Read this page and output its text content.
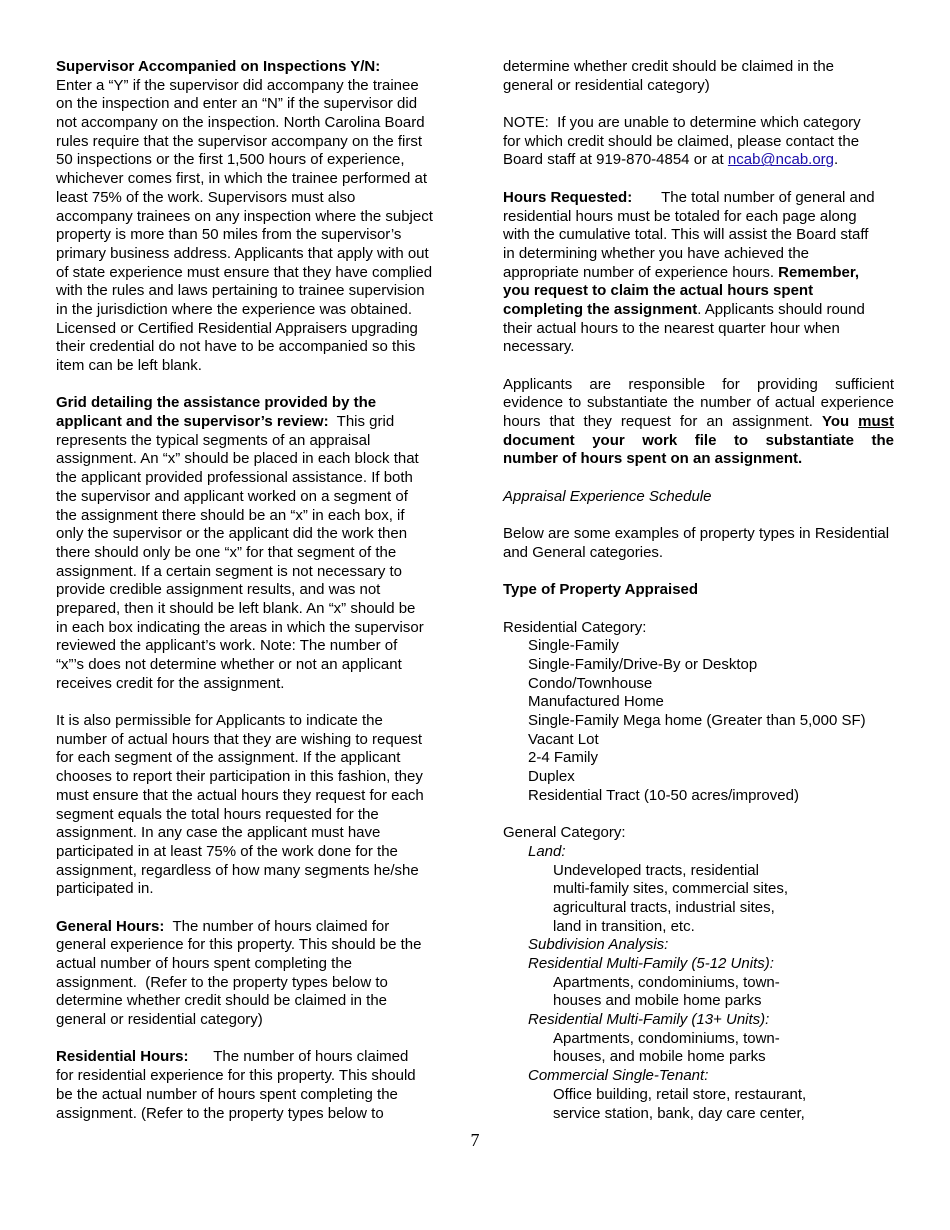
Supervisor Accompanied on Inspections Y/N:
Enter a “Y” if the supervisor did accompany the trainee
on the inspection and enter an “N” if the supervisor did
not accompany on the inspection. North Carolina Board
rules require that the supervisor accompany on the first
50 inspections or the first 1,500 hours of experience,
whichever comes first, in which the trainee performed at
least 75% of the work. Supervisors must also
accompany trainees on any inspection where the subject
property is more than 50 miles from the supervisor’s
primary business address. Applicants that apply with out
of state experience must ensure that they have complied
with the rules and laws pertaining to trainee supervision
in the jurisdiction where the experience was obtained.
Licensed or Certified Residential Appraisers upgrading
their credential do not have to be accompanied so this
item can be left blank.
Grid detailing the assistance provided by the
applicant and the supervisor’s review:  This grid
represents the typical segments of an appraisal
assignment. An “x” should be placed in each block that
the applicant provided professional assistance. If both
the supervisor and applicant worked on a segment of
the assignment there should be an “x” in each box, if
only the supervisor or the applicant did the work then
there should only be one “x” for that segment of the
assignment. If a certain segment is not necessary to
provide credible assignment results, and was not
prepared, then it should be left blank. An “x” should be
in each box indicating the areas in which the supervisor
reviewed the applicant’s work. Note: The number of
“x”’s does not determine whether or not an applicant
receives credit for the assignment.
It is also permissible for Applicants to indicate the
number of actual hours that they are wishing to request
for each segment of the assignment. If the applicant
chooses to report their participation in this fashion, they
must ensure that the actual hours they request for each
segment equals the total hours requested for the
assignment. In any case the applicant must have
participated in at least 75% of the work done for the
assignment, regardless of how many segments he/she
participated in.
General Hours:  The number of hours claimed for
general experience for this property. This should be the
actual number of hours spent completing the
assignment.  (Refer to the property types below to
determine whether credit should be claimed in the
general or residential category)
Residential Hours:      The number of hours claimed
for residential experience for this property. This should
be the actual number of hours spent completing the
assignment. (Refer to the property types below to
determine whether credit should be claimed in the
general or residential category)
NOTE:  If you are unable to determine which category
for which credit should be claimed, please contact the
Board staff at 919-870-4854 or at ncab@ncab.org.
Hours Requested:       The total number of general and
residential hours must be totaled for each page along
with the cumulative total. This will assist the Board staff
in determining whether you have achieved the
appropriate number of experience hours. Remember,
you request to claim the actual hours spent
completing the assignment. Applicants should round
their actual hours to the nearest quarter hour when
necessary.
Applicants are responsible for providing sufficient
evidence to substantiate the number of actual experience
hours that they request for an assignment. You must
document your work file to substantiate the
number of hours spent on an assignment.
Appraisal Experience Schedule
Below are some examples of property types in Residential
and General categories.
Type of Property Appraised
Residential Category:
Single-Family
Single-Family/Drive-By or Desktop
Condo/Townhouse
Manufactured Home
Single-Family Mega home (Greater than 5,000 SF)
Vacant Lot
2-4 Family
Duplex
Residential Tract (10-50 acres/improved)
General Category:
Land:
Undeveloped tracts, residential
multi-family sites, commercial sites,
agricultural tracts, industrial sites,
land in transition, etc.
Subdivision Analysis:
Residential Multi-Family (5-12 Units):
Apartments, condominiums, town-
houses and mobile home parks
Residential Multi-Family (13+ Units):
Apartments, condominiums, town-
houses, and mobile home parks
Commercial Single-Tenant:
Office building, retail store, restaurant,
service station, bank, day care center,
7
